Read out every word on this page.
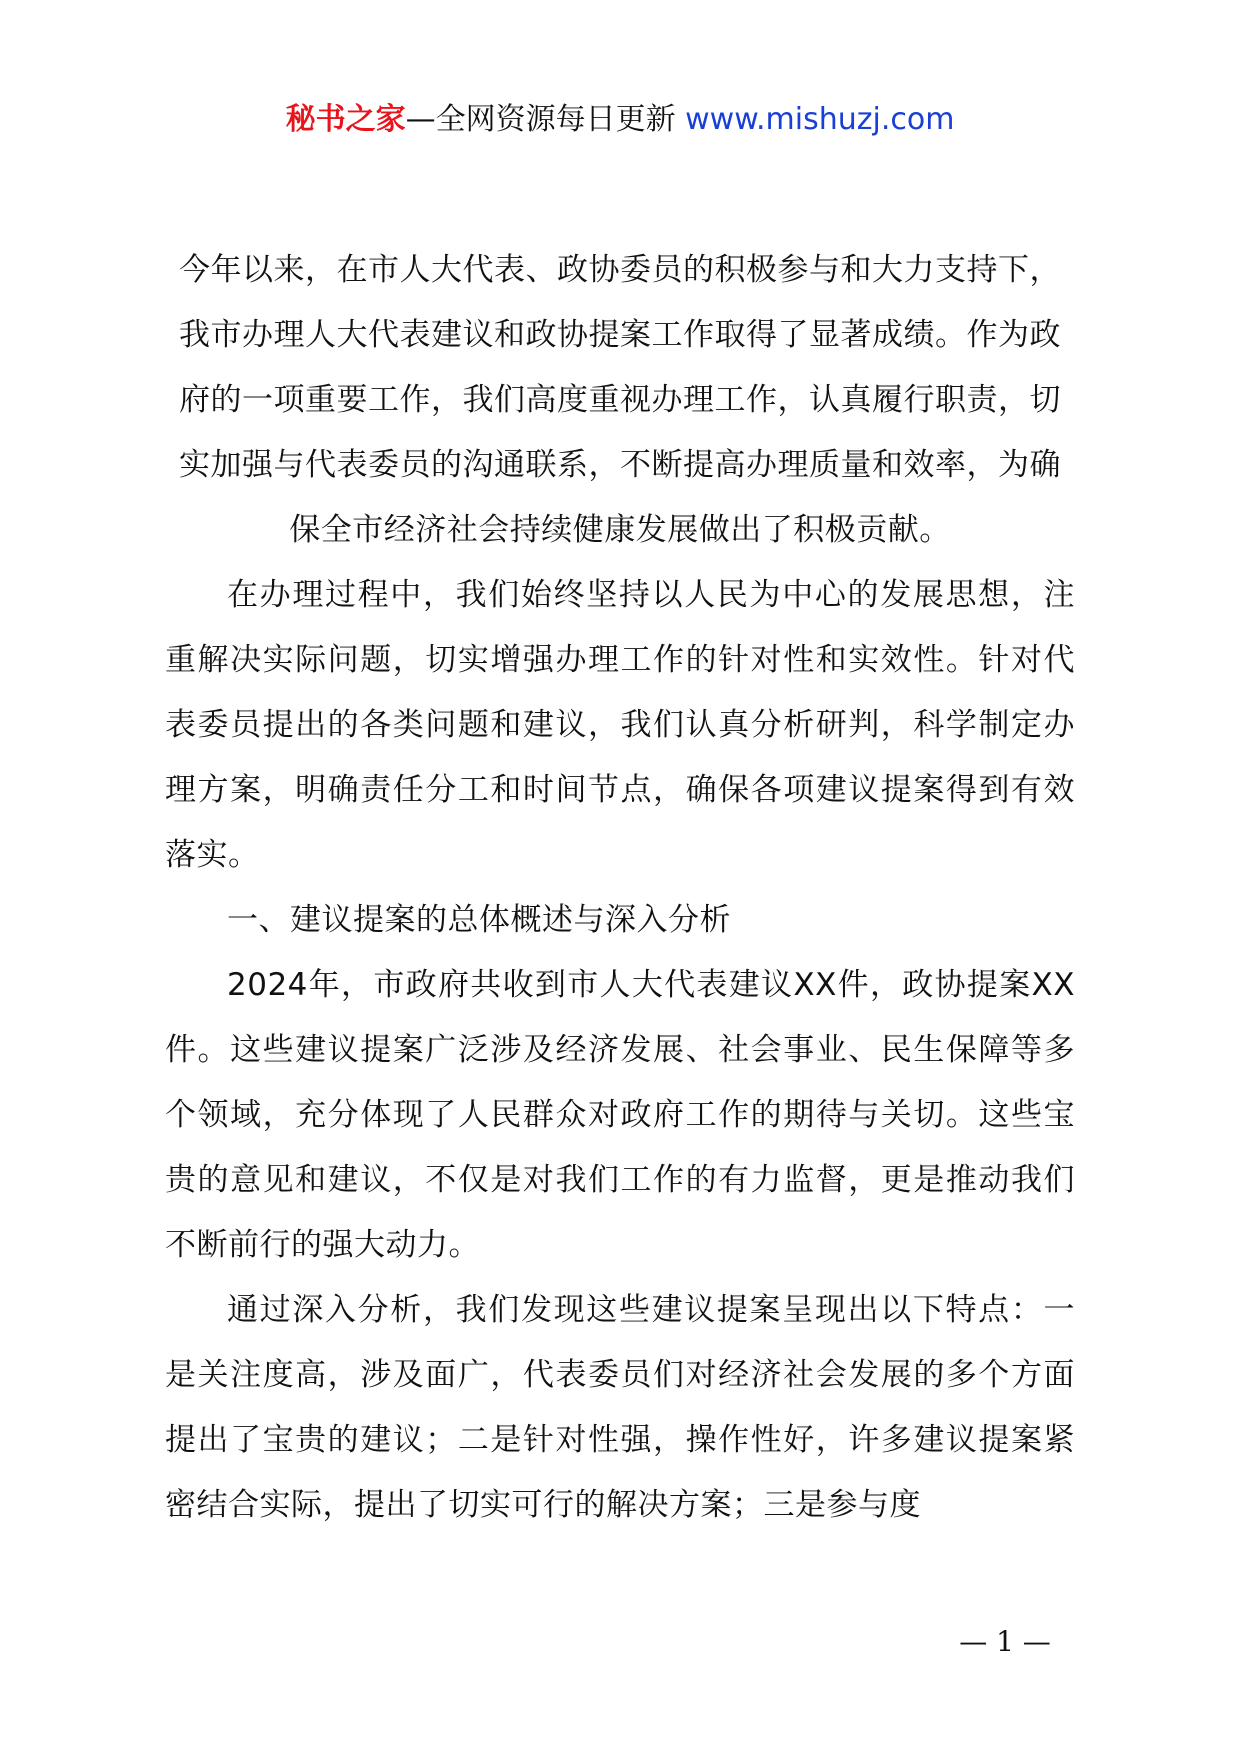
秘书之家—全网资源每日更新 www.mishuzj.com

今年以来，在市人大代表、政协委员的积极参与和大力支持下，我市办理人大代表建议和政协提案工作取得了显著成绩。作为政府的一项重要工作，我们高度重视办理工作，认真履行职责，切实加强与代表委员的沟通联系，不断提高办理质量和效率，为确保全市经济社会持续健康发展做出了积极贡献。

在办理过程中，我们始终坚持以人民为中心的发展思想，注重解决实际问题，切实增强办理工作的针对性和实效性。针对代表委员提出的各类问题和建议，我们认真分析研判，科学制定办理方案，明确责任分工和时间节点，确保各项建议提案得到有效落实。

一、建议提案的总体概述与深入分析

2024年，市政府共收到市人大代表建议XX件，政协提案XX件。这些建议提案广泛涉及经济发展、社会事业、民生保障等多个领域，充分体现了人民群众对政府工作的期待与关切。这些宝贵的意见和建议，不仅是对我们工作的有力监督，更是推动我们不断前行的强大动力。

通过深入分析，我们发现这些建议提案呈现出以下特点：一是关注度高，涉及面广，代表委员们对经济社会发展的多个方面提出了宝贵的建议；二是针对性强，操作性好，许多建议提案紧密结合实际，提出了切实可行的解决方案；三是参与度

— 1 —
